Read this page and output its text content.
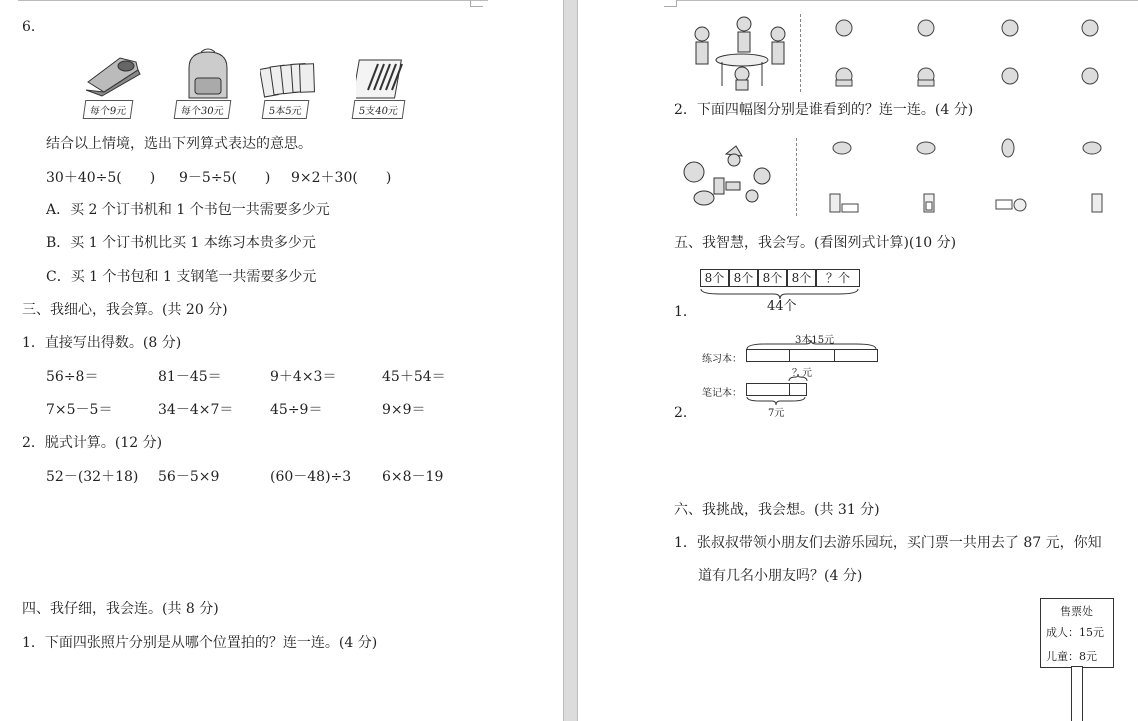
6．
每个9元	每个30元	5本5元	5支40元
结合以上情境，选出下列算式表达的意思。
30＋40÷5(　　) 9－5÷5(　　) 9×2＋30(　　)
A．买 2 个订书机和 1 个书包一共需要多少元
B．买 1 个订书机比买 1 本练习本贵多少元
C．买 1 个书包和 1 支钢笔一共需要多少元
三、我细心，我会算。(共 20 分)
1．直接写出得数。(8 分)
56÷8＝	81－45＝	9＋4×3＝	45＋54＝
7×5－5＝	34－4×7＝	45÷9＝	9×9＝
2．脱式计算。(12 分)
52－(32＋18) 56－5×9	(60－48)÷3 6×8－19
四、我仔细，我会连。(共 8 分)
1．下面四张照片分别是从哪个位置拍的？连一连。(4 分)
2．下面四幅图分别是谁看到的？连一连。(4 分)
五、我智慧，我会写。(看图列式计算)(10 分)
8个 8个 8个 8个	？个
44个
1．
3本15元
练习本：
？元
笔记本：
7元
2．
六、我挑战，我会想。(共 31 分)
1．张叔叔带领小朋友们去游乐园玩，买门票一共用去了 87 元，你知
道有几名小朋友吗？(4 分)
售票处
成人：15元
儿童：8元
